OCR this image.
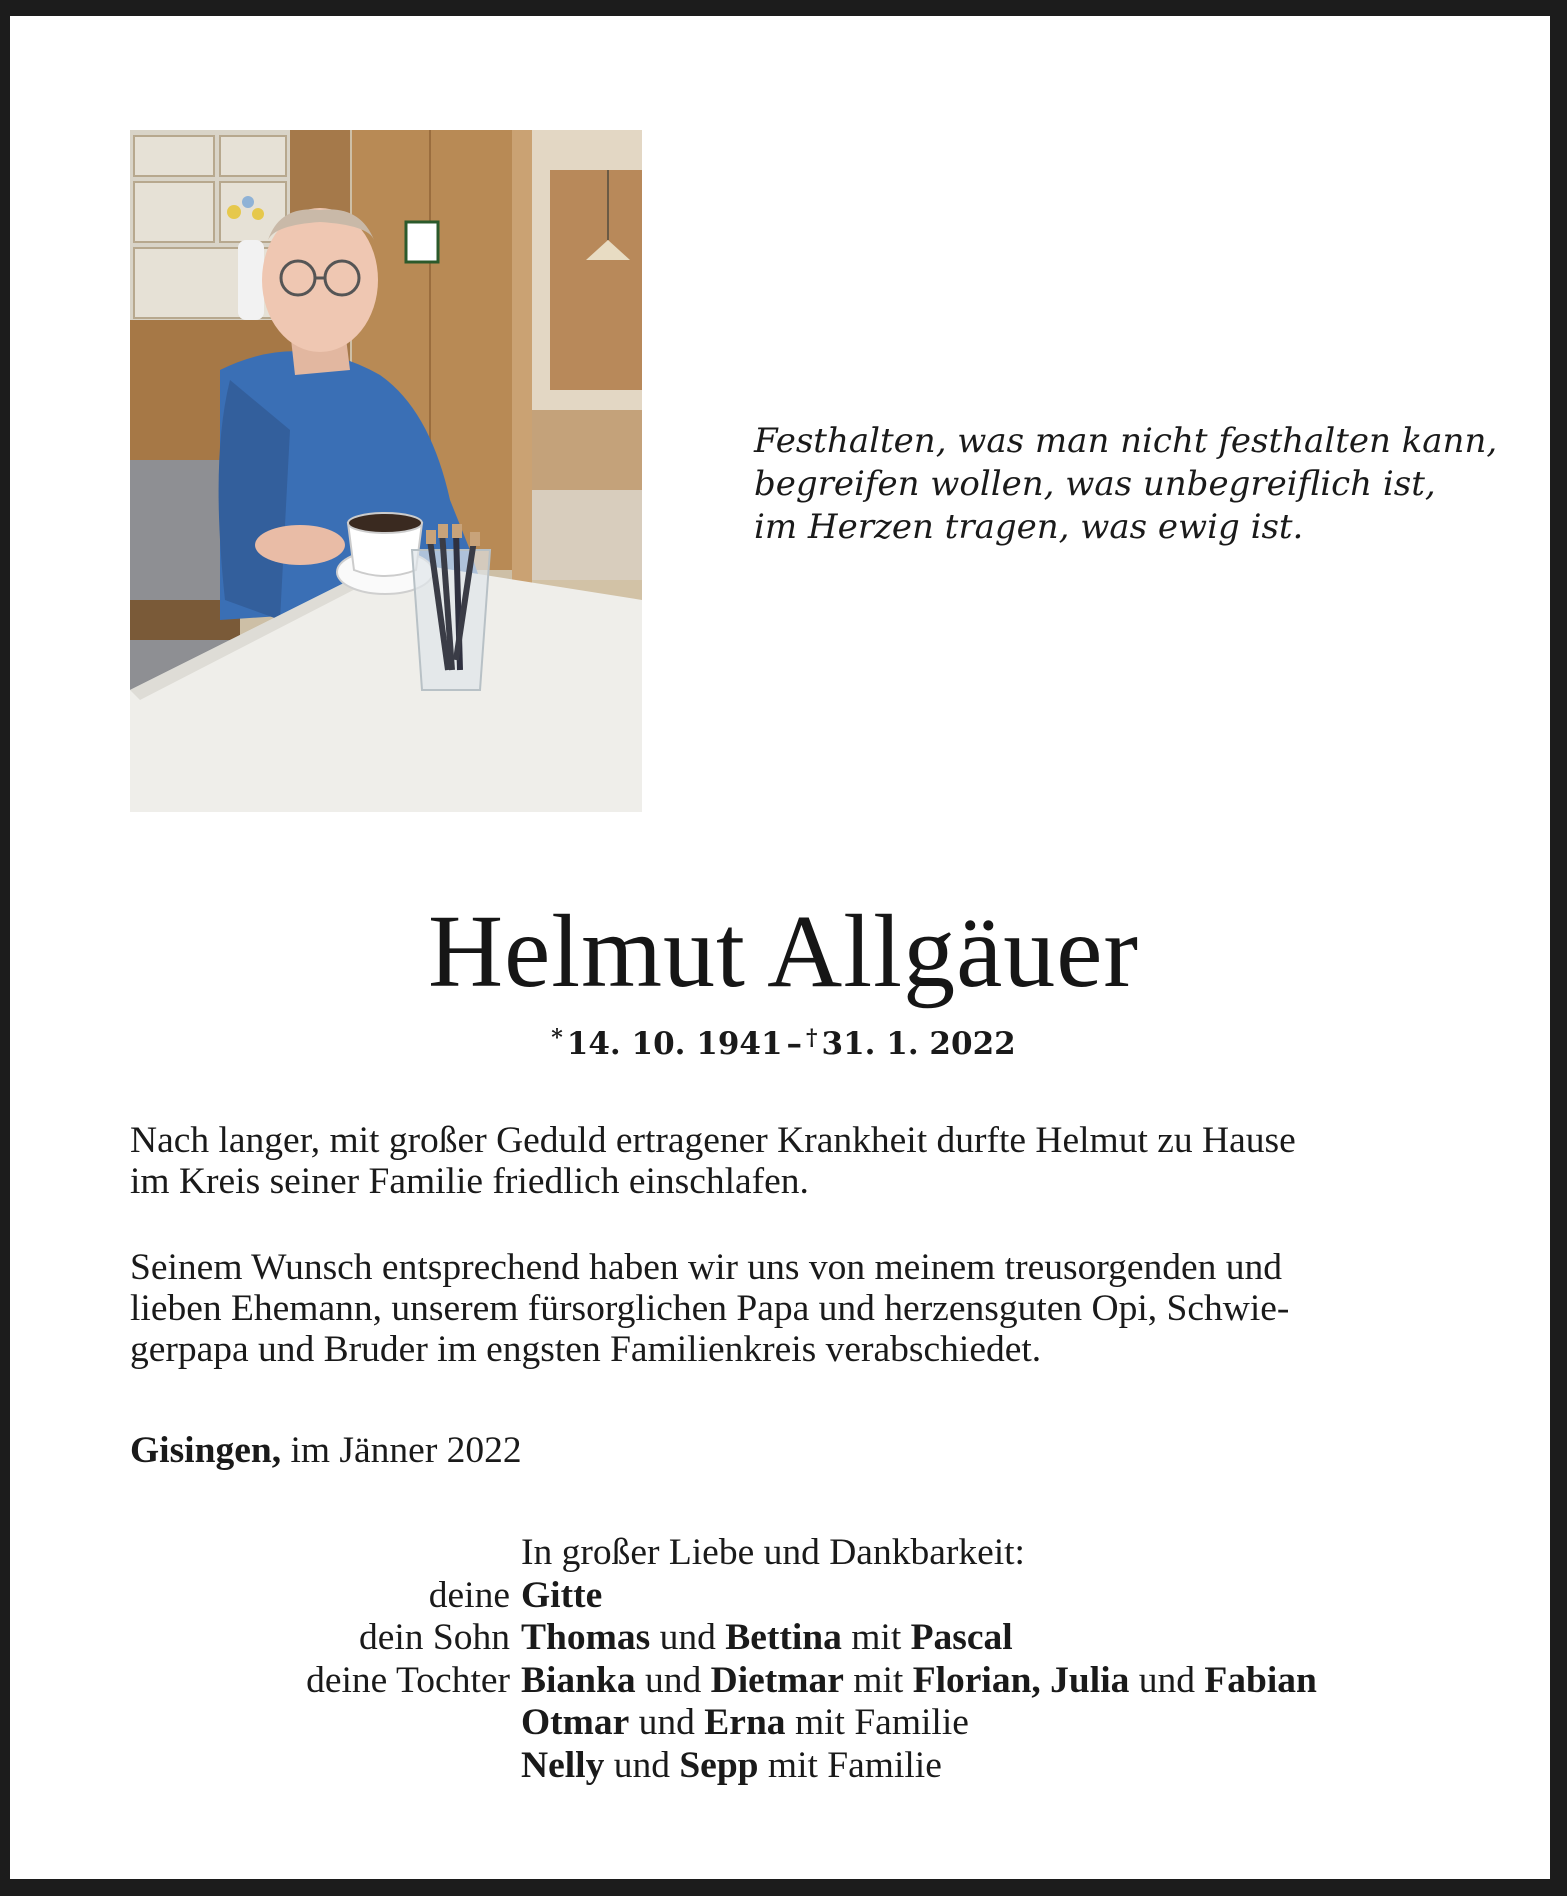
Festhalten, was man nicht festhalten kann,
begreifen wollen, was unbegreiflich ist,
im Herzen tragen, was ewig ist.
Helmut Allgäuer
* 14. 10. 1941 – † 31. 1. 2022
Nach langer, mit großer Geduld ertragener Krankheit durfte Helmut zu Hause
im Kreis seiner Familie friedlich einschlafen.
Seinem Wunsch entsprechend haben wir uns von meinem treusorgenden und
lieben Ehemann, unserem fürsorglichen Papa und herzensguten Opi, Schwie-
gerpapa und Bruder im engsten Familienkreis verabschiedet.
Gisingen, im Jänner 2022
In großer Liebe und Dankbarkeit:
deine Gitte
dein Sohn Thomas und Bettina mit Pascal
deine Tochter Bianka und Dietmar mit Florian, Julia und Fabian
Otmar und Erna mit Familie
Nelly und Sepp mit Familie
